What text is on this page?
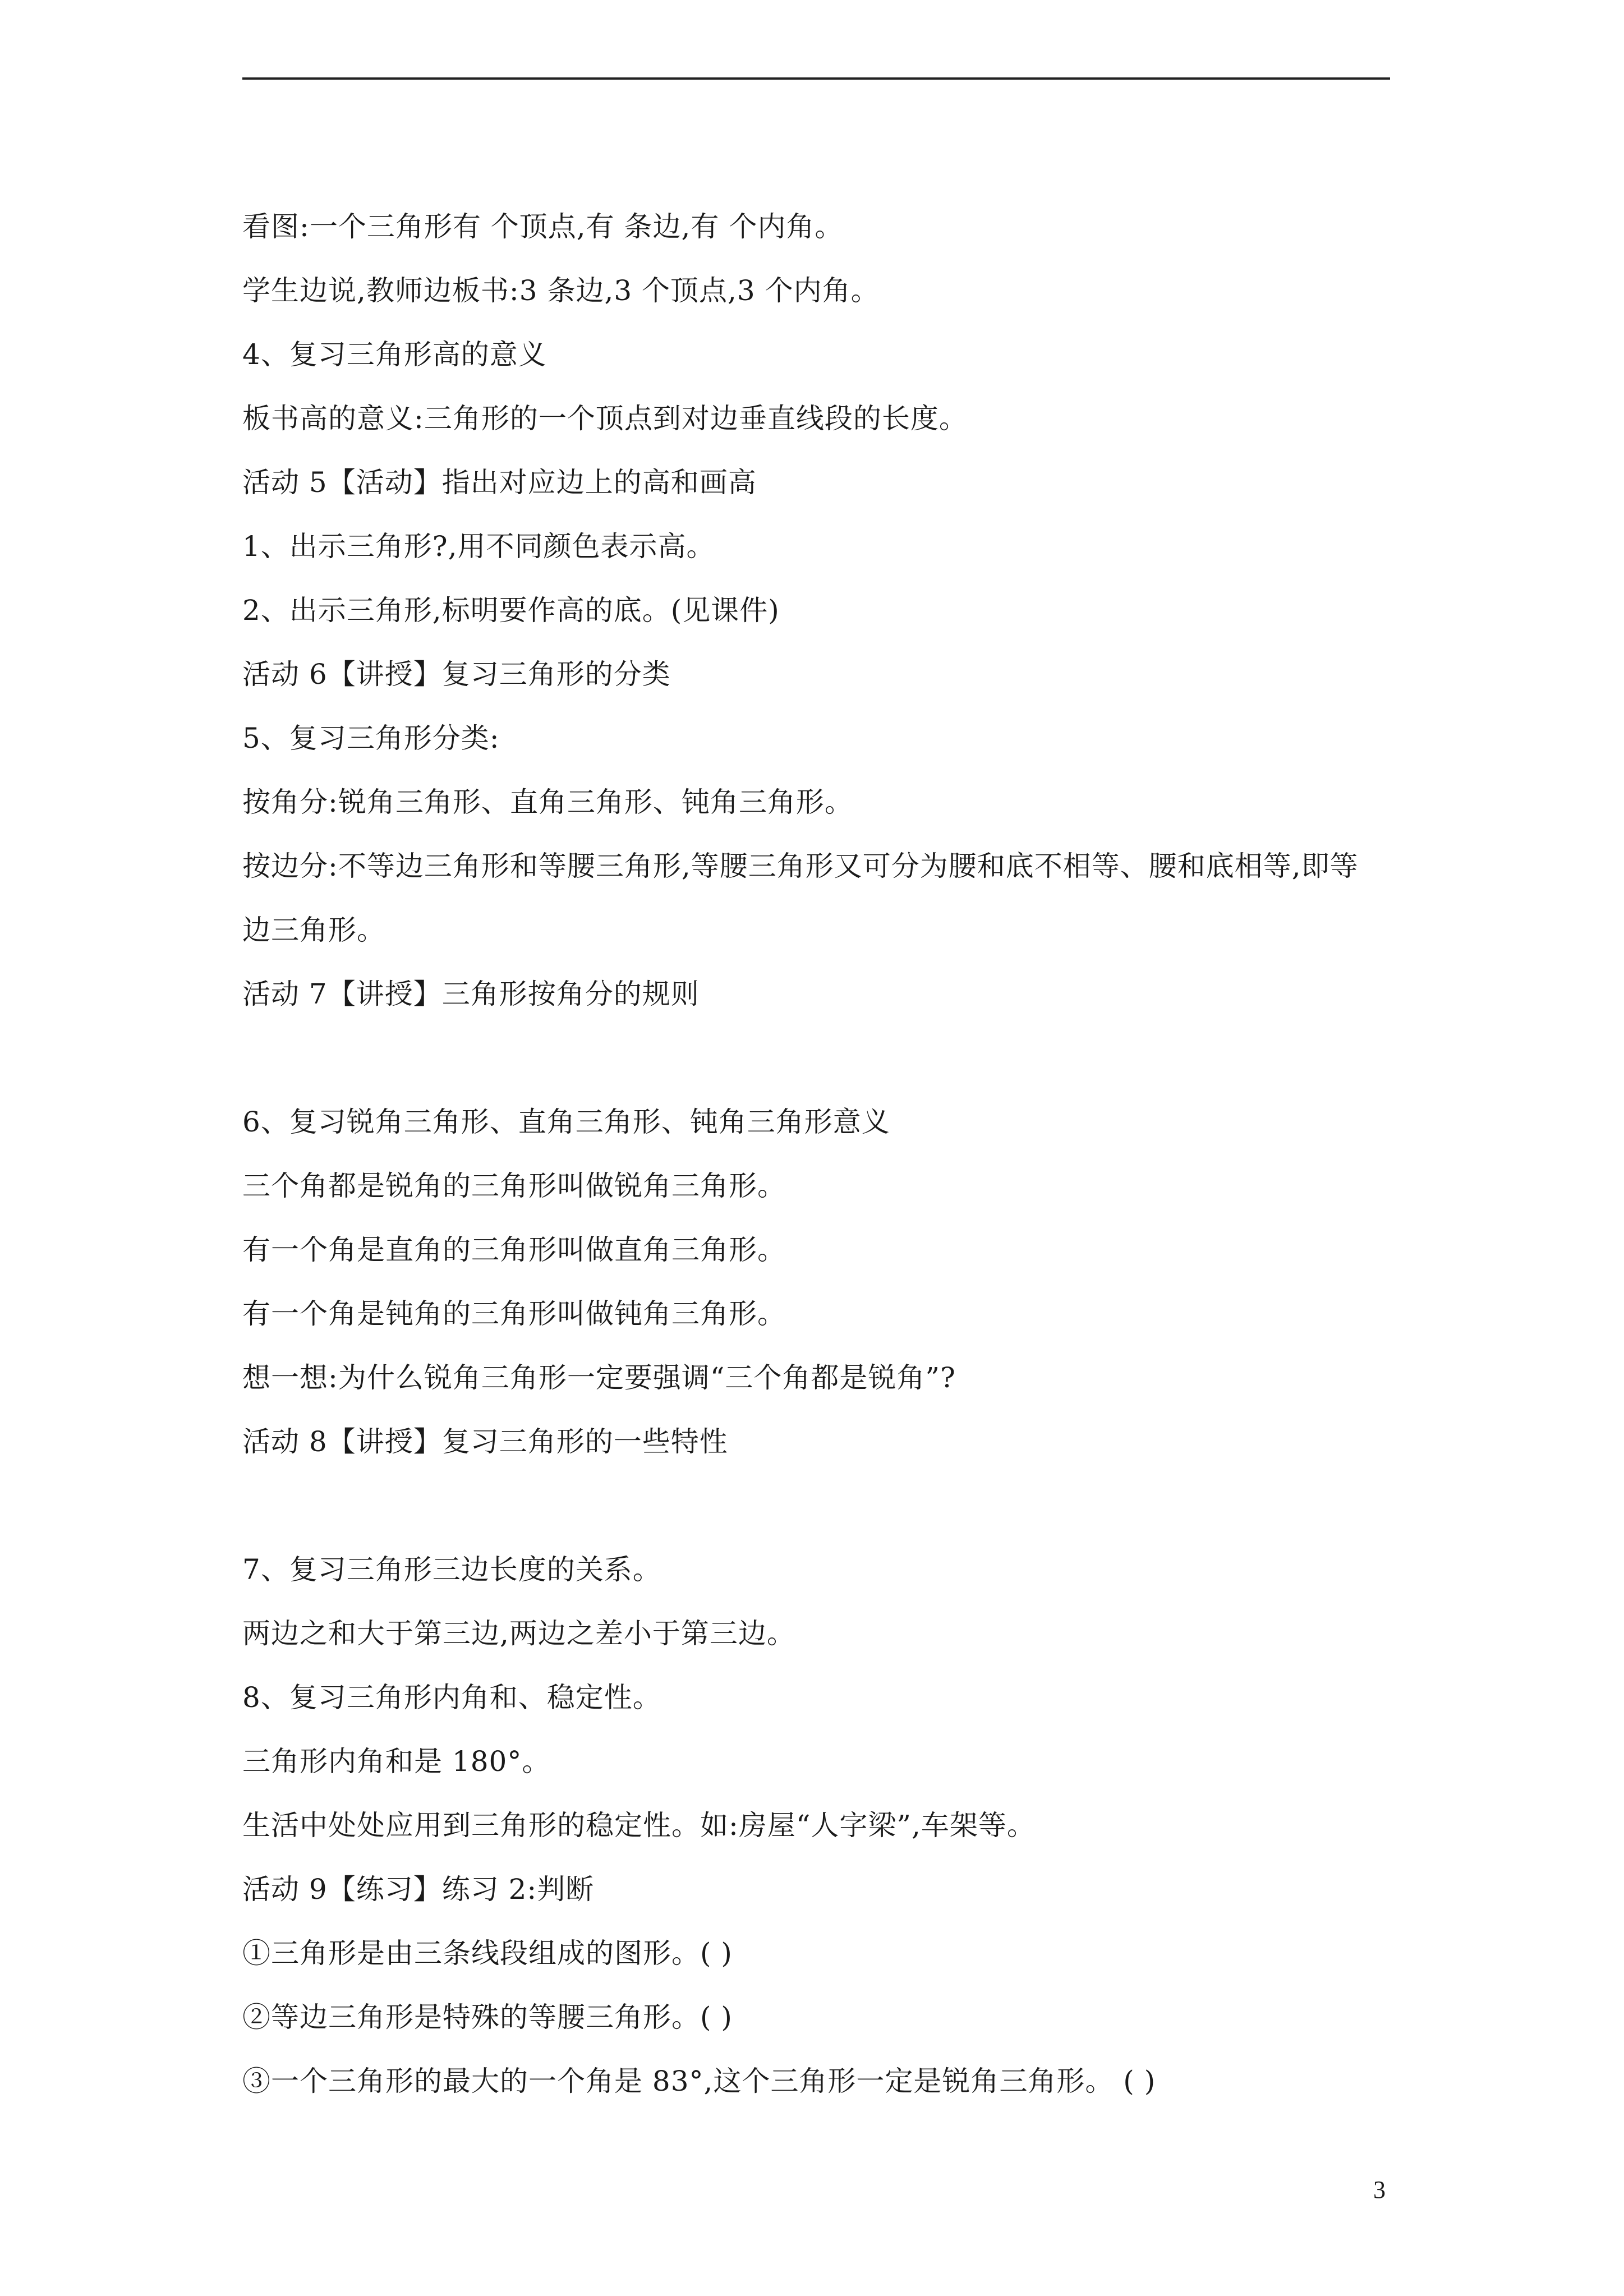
看图:一个三角形有 个顶点,有 条边,有 个内角。
学生边说,教师边板书:3 条边,3 个顶点,3 个内角。
4、复习三角形高的意义
板书高的意义:三角形的一个顶点到对边垂直线段的长度。
活动 5【活动】指出对应边上的高和画高
1、出示三角形?,用不同颜色表示高。
2、出示三角形,标明要作高的底。(见课件)
活动 6【讲授】复习三角形的分类
5、复习三角形分类:
按角分:锐角三角形、直角三角形、钝角三角形。
按边分:不等边三角形和等腰三角形,等腰三角形又可分为腰和底不相等、腰和底相等,即等
边三角形。
活动 7【讲授】三角形按角分的规则
6、复习锐角三角形、直角三角形、钝角三角形意义
三个角都是锐角的三角形叫做锐角三角形。
有一个角是直角的三角形叫做直角三角形。
有一个角是钝角的三角形叫做钝角三角形。
想一想:为什么锐角三角形一定要强调“三个角都是锐角”?
活动 8【讲授】复习三角形的一些特性
7、复习三角形三边长度的关系。
两边之和大于第三边,两边之差小于第三边。
8、复习三角形内角和、稳定性。
三角形内角和是 180°。
生活中处处应用到三角形的稳定性。如:房屋“人字梁”,车架等。
活动 9【练习】练习 2:判断
①三角形是由三条线段组成的图形。( )
②等边三角形是特殊的等腰三角形。( )
③一个三角形的最大的一个角是 83°,这个三角形一定是锐角三角形。 ( )
3
